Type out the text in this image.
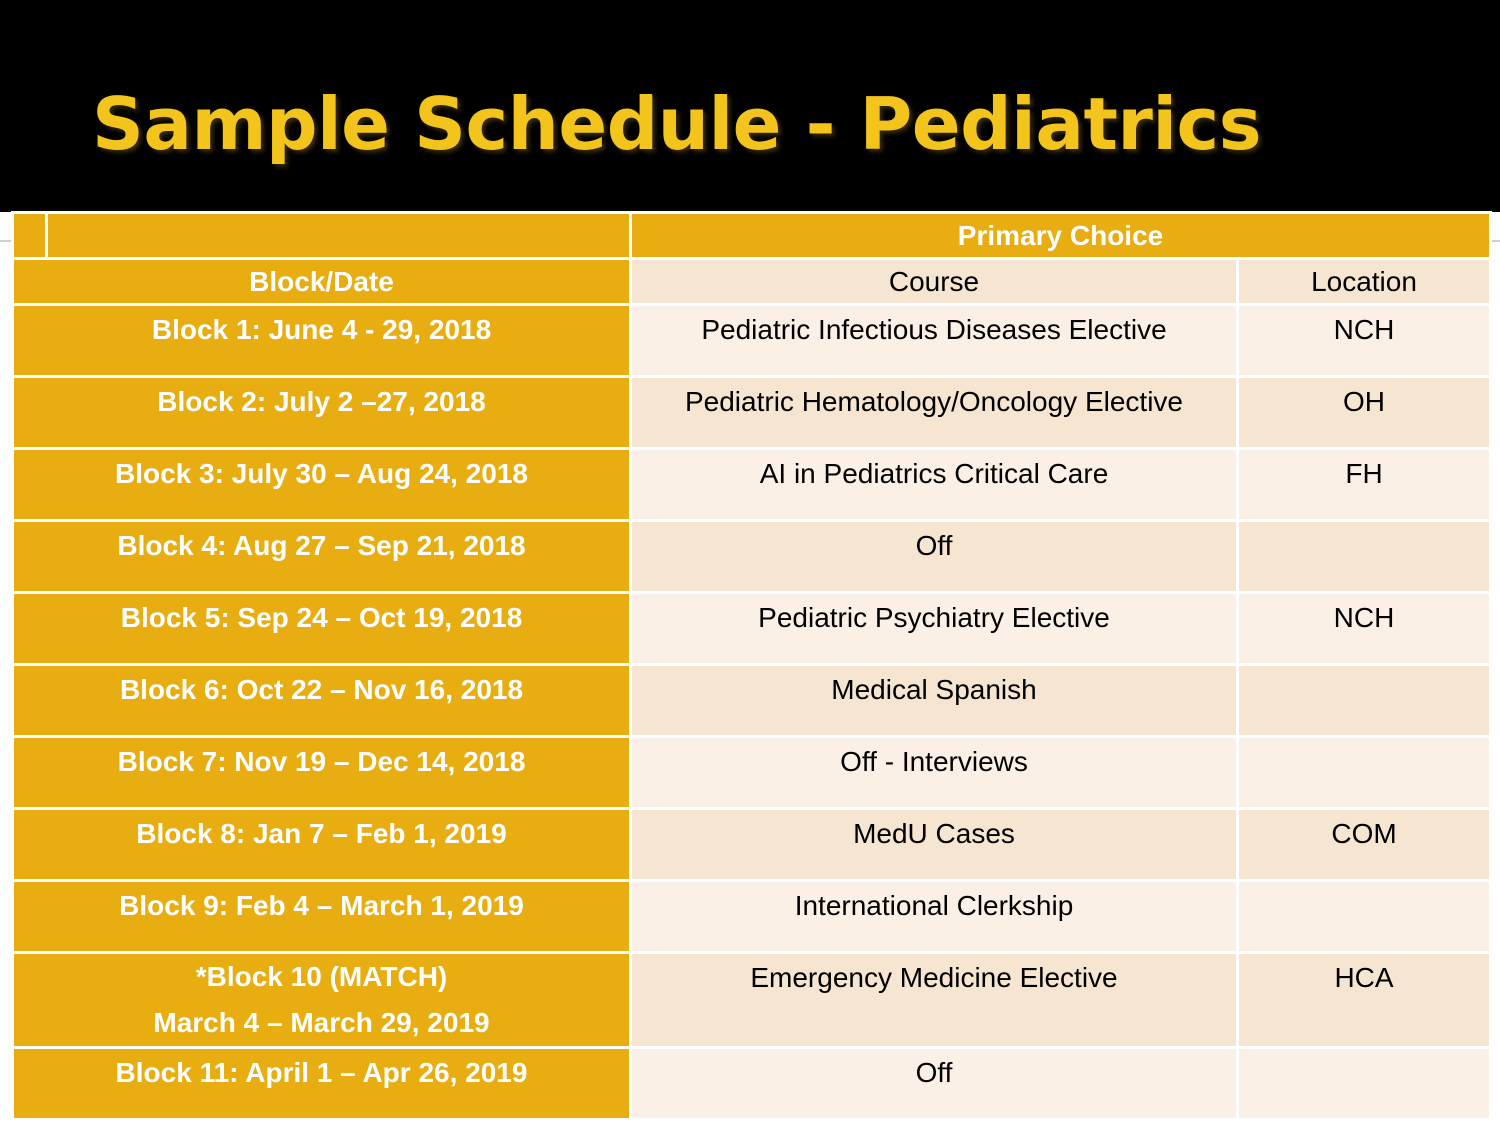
Sample Schedule - Pediatrics
		Primary Choice	
Block/Date		Course	Location

Block 1: June 4 - 29, 2018		Pediatric Infectious Diseases Elective	NCH

Block 2: July 2 –27, 2018		Pediatric Hematology/Oncology Elective	OH

Block 3: July 30 – Aug 24, 2018		AI in Pediatrics Critical Care	FH

Block 4: Aug 27 – Sep 21, 2018		Off	

Block 5: Sep 24 – Oct 19, 2018		Pediatric Psychiatry Elective	NCH

Block 6: Oct 22 – Nov 16, 2018		Medical Spanish	

Block 7: Nov 19 – Dec 14, 2018		Off - Interviews	

Block 8: Jan 7 – Feb 1, 2019		MedU Cases	COM

Block 9: Feb 4 – March 1, 2019		International Clerkship	

*Block 10 (MATCH)
March 4 – March 29, 2019		Emergency Medicine Elective	HCA

Block 11: April 1 – Apr 26, 2019		Off	
